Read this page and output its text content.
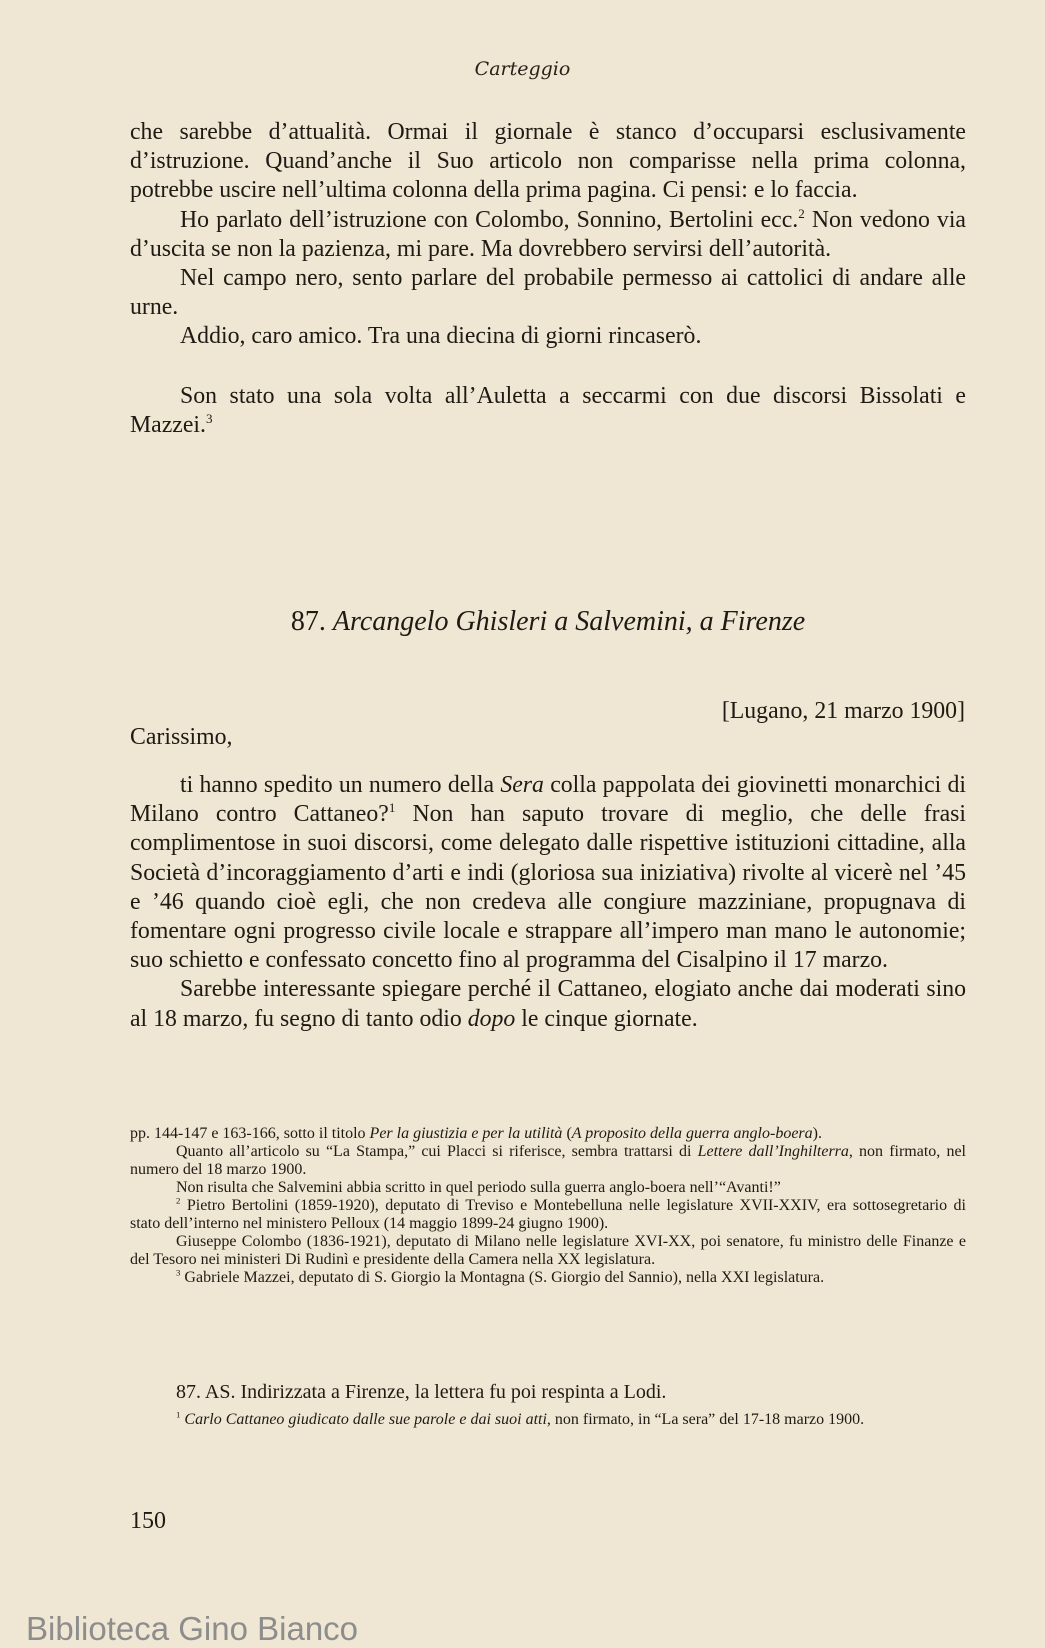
Carteggio

che sarebbe d’attualità. Ormai il giornale è stanco d’occuparsi esclusivamente d’istruzione. Quand’anche il Suo articolo non comparisse nella prima colonna, potrebbe uscire nell’ultima colonna della prima pagina. Ci pensi: e lo faccia.

Ho parlato dell’istruzione con Colombo, Sonnino, Bertolini ecc.$^2$ Non vedono via d’uscita se non la pazienza, mi pare. Ma dovrebbero servirsi dell’autorità.

Nel campo nero, sento parlare del probabile permesso ai cattolici di andare alle urne.

Addio, caro amico. Tra una diecina di giorni rincaserò.

Son stato una sola volta all’Auletta a seccarmi con due discorsi Bissolati e Mazzei.$^3$

87. Arcangelo Ghisleri a Salvemini, a Firenze
[Lugano, 21 marzo 1900]
Carissimo,

ti hanno spedito un numero della Sera colla pappolata dei giovinetti monarchici di Milano contro Cattaneo?$^1$ Non han saputo trovare di meglio, che delle frasi complimentose in suoi discorsi, come delegato dalle rispettive istituzioni cittadine, alla Società d’incoraggiamento d’arti e indi (gloriosa sua iniziativa) rivolte al vicerè nel ’45 e ’46 quando cioè egli, che non credeva alle congiure mazziniane, propugnava di fomentare ogni progresso civile locale e strappare all’impero man mano le autonomie; suo schietto e confessato concetto fino al programma del Cisalpino il 17 marzo.

Sarebbe interessante spiegare perché il Cattaneo, elogiato anche dai moderati sino al 18 marzo, fu segno di tanto odio dopo le cinque giornate.

pp. 144-147 e 163-166, sotto il titolo Per la giustizia e per la utilità (A proposito della guerra anglo-boera).

Quanto all’articolo su “La Stampa,” cui Placci si riferisce, sembra trattarsi di Lettere dall’Inghilterra, non firmato, nel numero del 18 marzo 1900.

Non risulta che Salvemini abbia scritto in quel periodo sulla guerra anglo-boera nell’“Avanti!”

$^2$ Pietro Bertolini (1859-1920), deputato di Treviso e Montebelluna nelle legislature XVII-XXIV, era sottosegretario di stato dell’interno nel ministero Pelloux (14 maggio 1899-24 giugno 1900).

Giuseppe Colombo (1836-1921), deputato di Milano nelle legislature XVI-XX, poi senatore, fu ministro delle Finanze e del Tesoro nei ministeri Di Rudinì e presidente della Camera nella XX legislatura.

$^3$ Gabriele Mazzei, deputato di S. Giorgio la Montagna (S. Giorgio del Sannio), nella XXI legislatura.

87. AS. Indirizzata a Firenze, la lettera fu poi respinta a Lodi.

$^1$ Carlo Cattaneo giudicato dalle sue parole e dai suoi atti, non firmato, in “La sera” del 17-18 marzo 1900.

150
Biblioteca Gino Bianco
